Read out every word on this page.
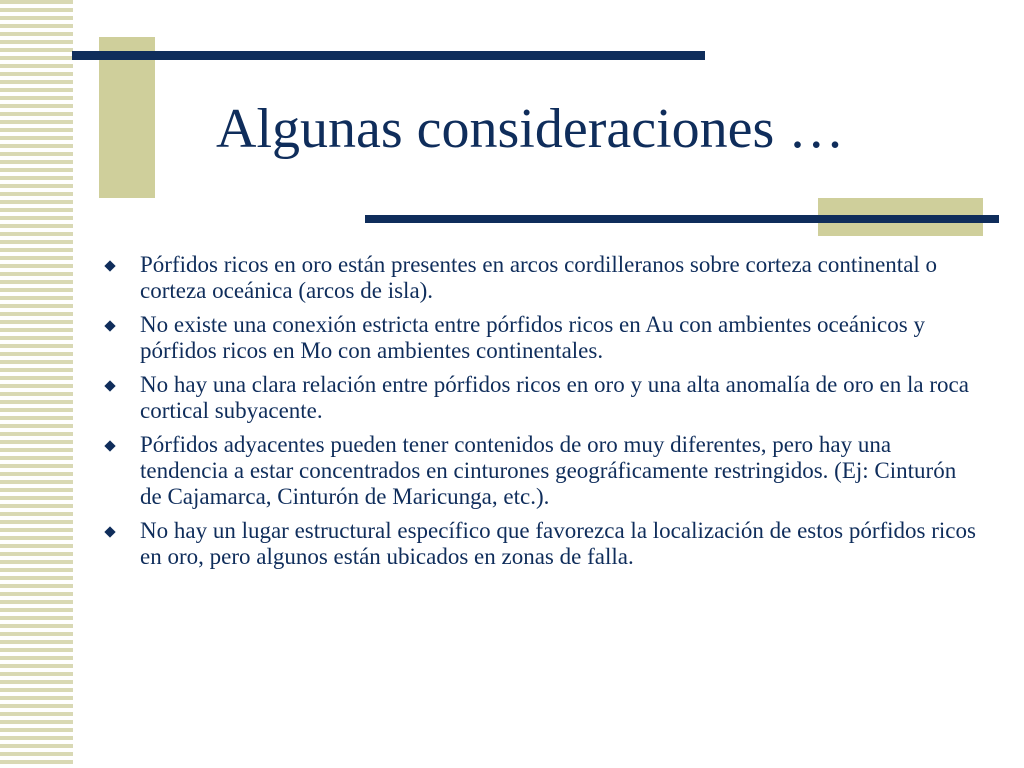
Algunas consideraciones …
Pórfidos ricos en oro están presentes en arcos cordilleranos sobre corteza continental o corteza oceánica (arcos de isla).
No existe una conexión estricta entre pórfidos ricos en Au con ambientes oceánicos y pórfidos ricos en Mo con ambientes continentales.
No hay una clara relación entre pórfidos ricos en oro y una alta anomalía de oro en la roca cortical subyacente.
Pórfidos adyacentes pueden tener contenidos de oro muy diferentes, pero hay una tendencia a estar concentrados en cinturones geográficamente restringidos. (Ej: Cinturón de Cajamarca, Cinturón de Maricunga, etc.).
No hay un lugar estructural específico que favorezca la localización de estos pórfidos ricos en oro, pero algunos están ubicados en zonas de falla.
